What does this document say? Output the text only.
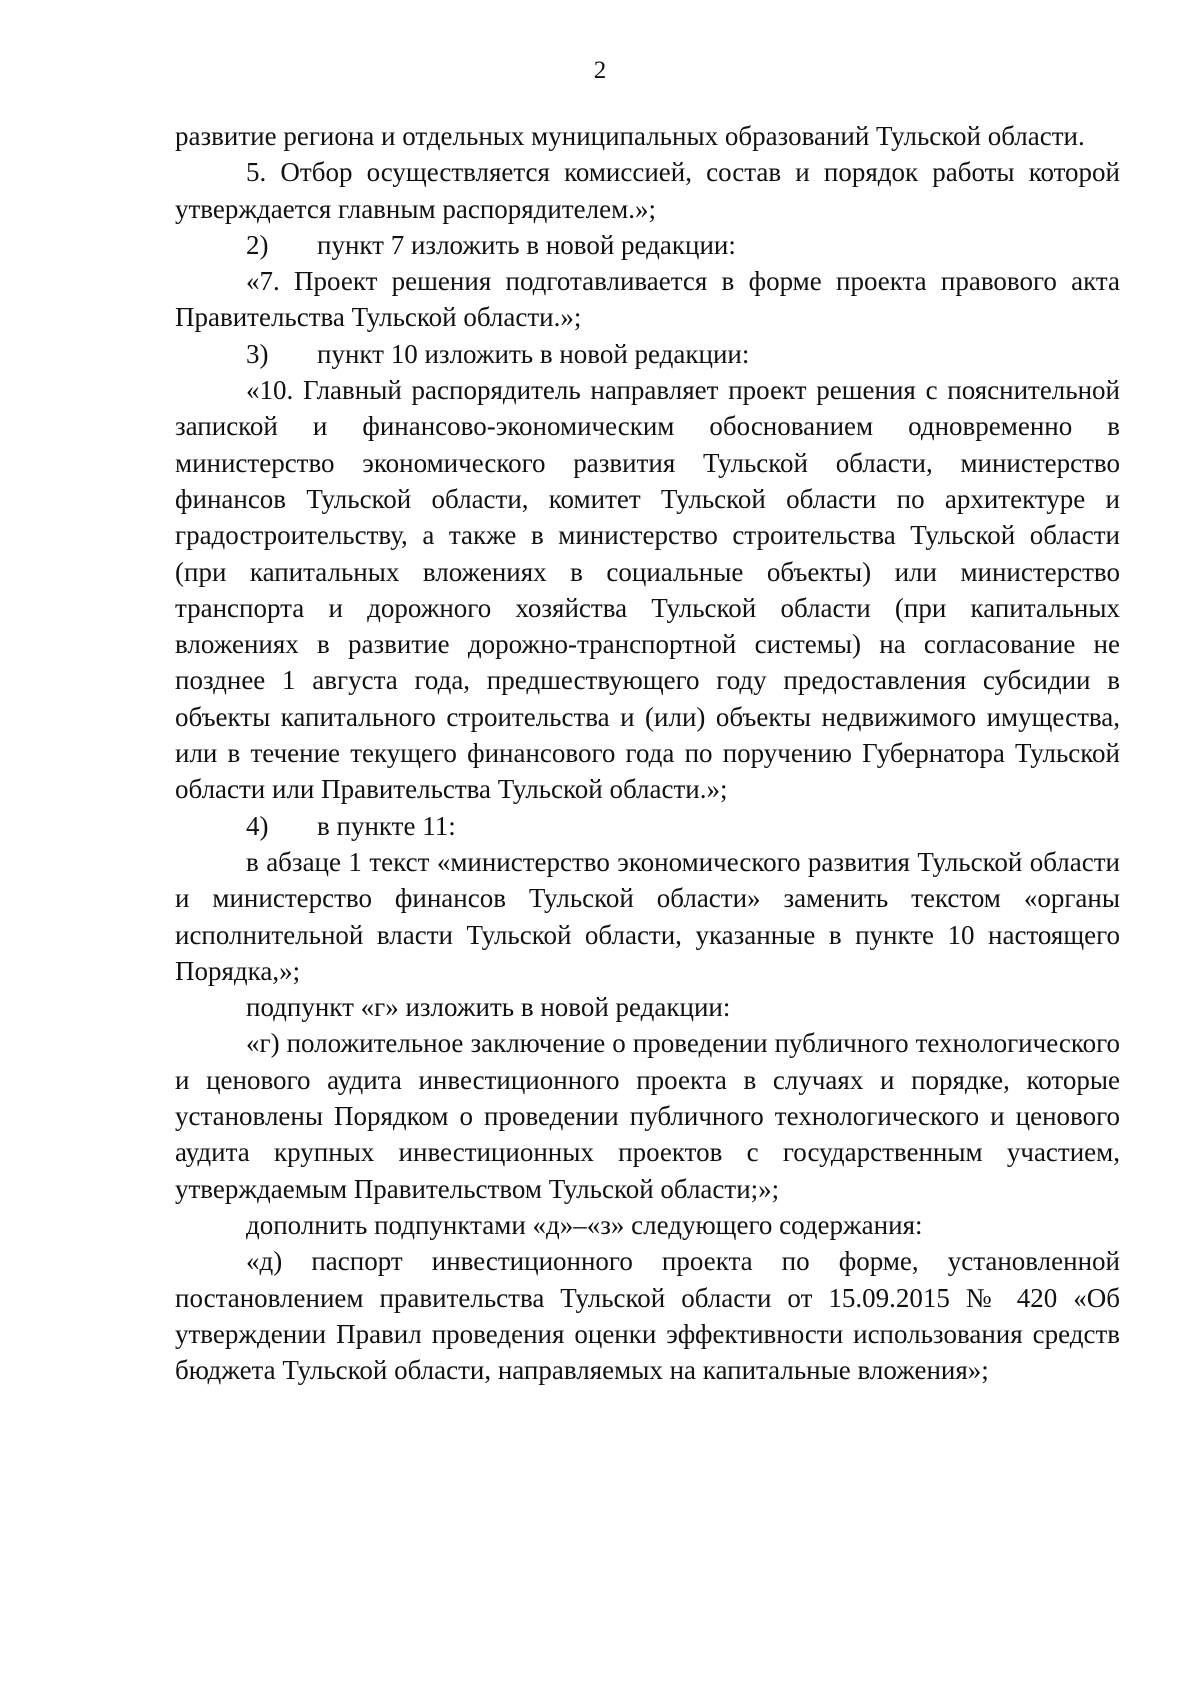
2

развитие региона и отдельных муниципальных образований Тульской области.

5. Отбор осуществляется комиссией, состав и порядок работы которой утверждается главным распорядителем.»;

2) пункт 7 изложить в новой редакции:

«7. Проект решения подготавливается в форме проекта правового акта Правительства Тульской области.»;

3) пункт 10 изложить в новой редакции:

«10. Главный распорядитель направляет проект решения с пояснительной запиской и финансово-экономическим обоснованием одновременно в министерство экономического развития Тульской области, министерство финансов Тульской области, комитет Тульской области по архитектуре и градостроительству, а также в министерство строительства Тульской области (при капитальных вложениях в социальные объекты) или министерство транспорта и дорожного хозяйства Тульской области (при капитальных вложениях в развитие дорожно-транспортной системы) на согласование не позднее 1 августа года, предшествующего году предоставления субсидии в объекты капитального строительства и (или) объекты недвижимого имущества, или в течение текущего финансового года по поручению Губернатора Тульской области или Правительства Тульской области.»;

4) в пункте 11:

в абзаце 1 текст «министерство экономического развития Тульской области и министерство финансов Тульской области» заменить текстом «органы исполнительной власти Тульской области, указанные в пункте 10 настоящего Порядка,»;

подпункт «г» изложить в новой редакции:

«г) положительное заключение о проведении публичного технологического и ценового аудита инвестиционного проекта в случаях и порядке, которые установлены Порядком о проведении публичного технологического и ценового аудита крупных инвестиционных проектов с государственным участием, утверждаемым Правительством Тульской области;»;

дополнить подпунктами «д»–«з» следующего содержания:

«д) паспорт инвестиционного проекта по форме, установленной постановлением правительства Тульской области от 15.09.2015 № 420 «Об утверждении Правил проведения оценки эффективности использования средств бюджета Тульской области, направляемых на капитальные вложения»;
